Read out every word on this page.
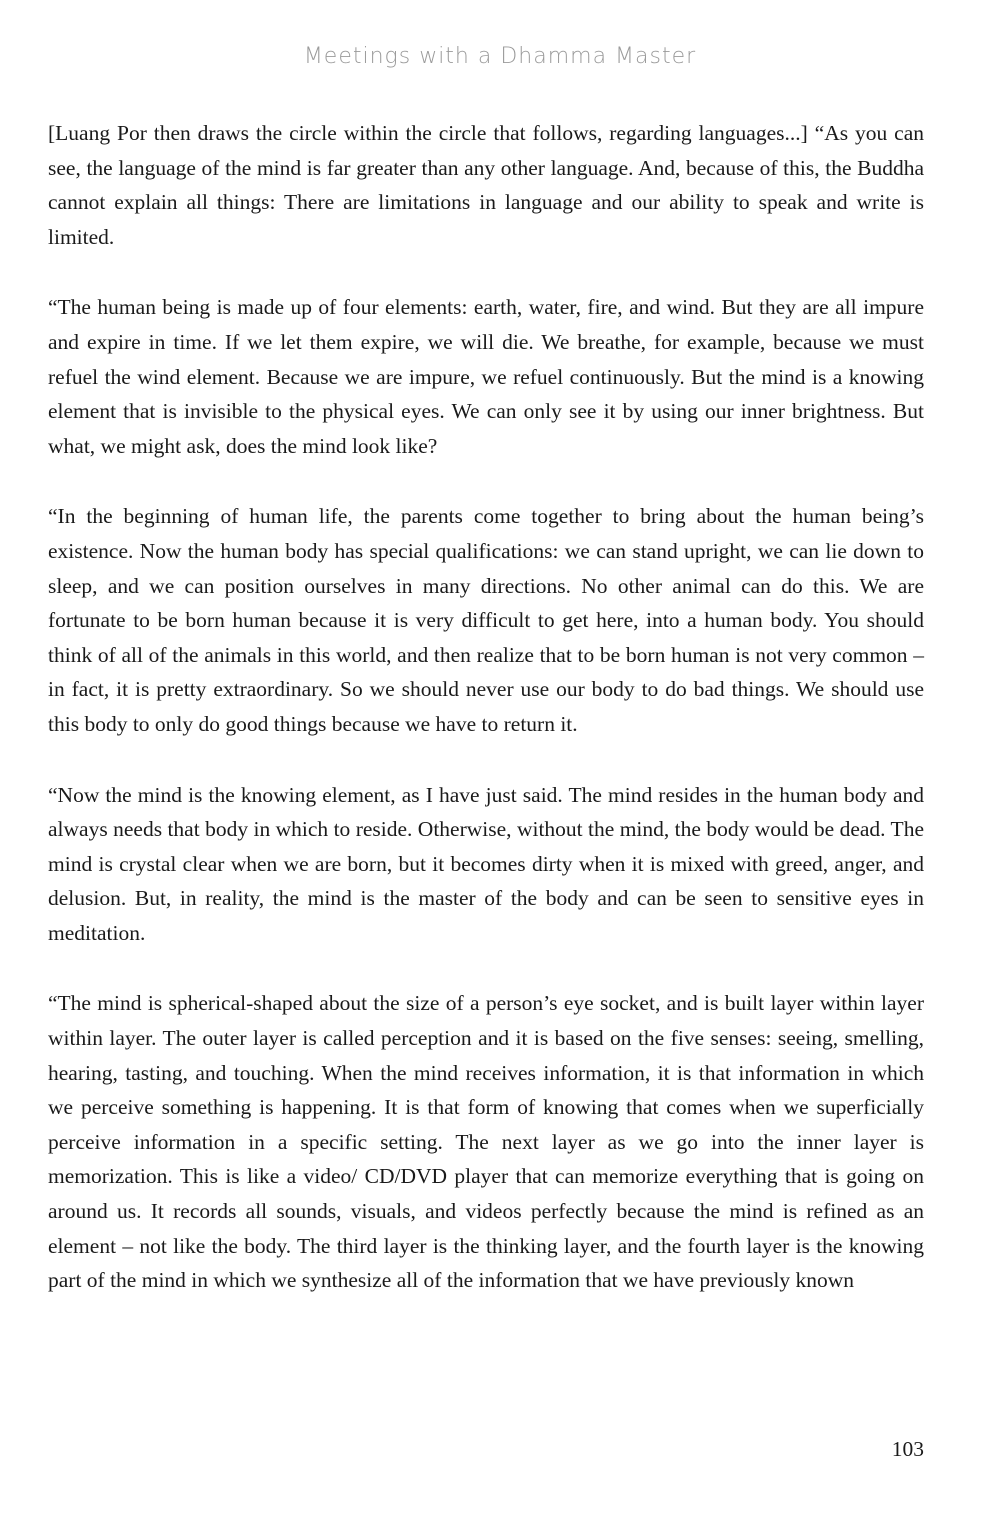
Meetings with a Dhamma Master

[Luang Por then draws the circle within the circle that follows, regarding languages...] “As you can see, the language of the mind is far greater than any other language. And, because of this, the Buddha cannot explain all things: There are limitations in language and our ability to speak and write is limited.

“The human being is made up of four elements: earth, water, fire, and wind. But they are all impure and expire in time. If we let them expire, we will die. We breathe, for example, because we must refuel the wind element. Because we are impure, we refuel continuously. But the mind is a knowing element that is invisible to the physical eyes. We can only see it by using our inner brightness. But what, we might ask, does the mind look like?

“In the beginning of human life, the parents come together to bring about the human being’s existence. Now the human body has special qualifications: we can stand upright, we can lie down to sleep, and we can position ourselves in many directions. No other animal can do this. We are fortunate to be born human because it is very difficult to get here, into a human body. You should think of all of the animals in this world, and then realize that to be born human is not very common – in fact, it is pretty extraordinary. So we should never use our body to do bad things. We should use this body to only do good things because we have to return it.

“Now the mind is the knowing element, as I have just said. The mind resides in the human body and always needs that body in which to reside. Otherwise, without the mind, the body would be dead. The mind is crystal clear when we are born, but it becomes dirty when it is mixed with greed, anger, and delusion. But, in reality, the mind is the master of the body and can be seen to sensitive eyes in meditation.

“The mind is spherical-shaped about the size of a person’s eye socket, and is built layer within layer within layer. The outer layer is called perception and it is based on the five senses: seeing, smelling, hearing, tasting, and touching. When the mind receives information, it is that information in which we perceive something is happening. It is that form of knowing that comes when we superficially perceive information in a specific setting. The next layer as we go into the inner layer is memorization. This is like a video/ CD/DVD player that can memorize everything that is going on around us. It records all sounds, visuals, and videos perfectly because the mind is refined as an element – not like the body. The third layer is the thinking layer, and the fourth layer is the knowing part of the mind in which we synthesize all of the information that we have previously known

103
